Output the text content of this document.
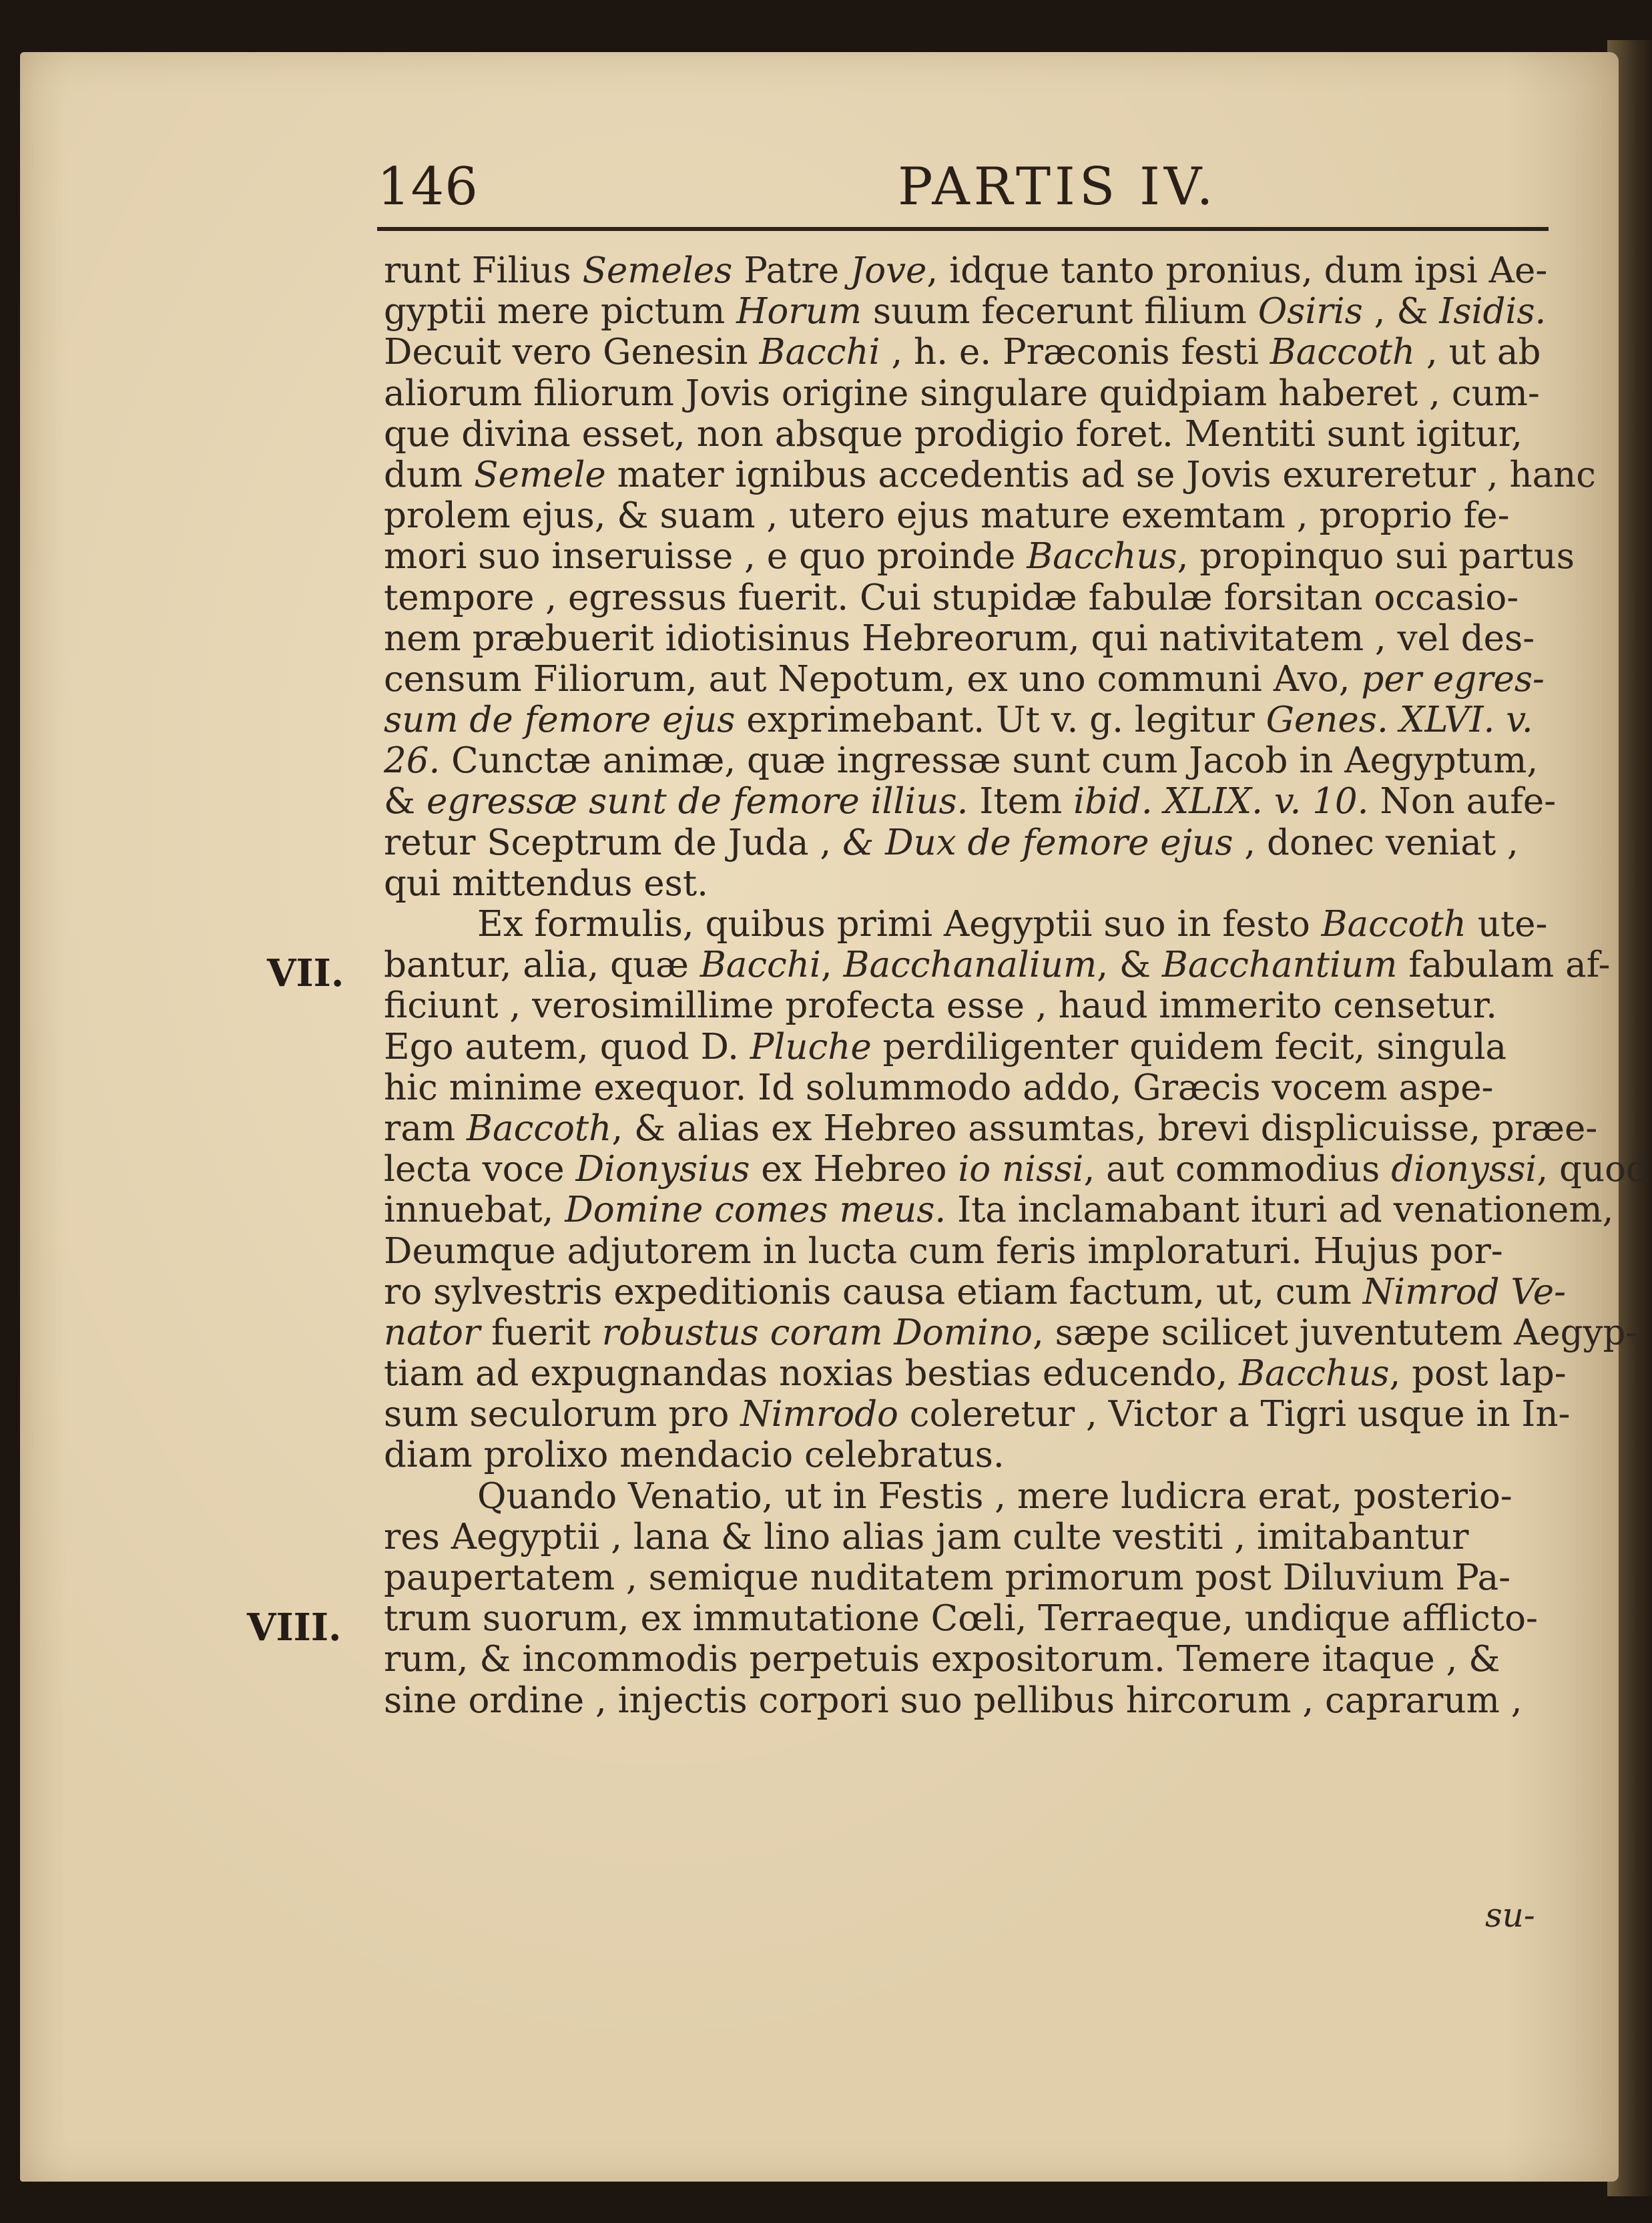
146	PARTIS IV.
VII.
VIII.
runt Filius Semeles Patre Jove, idque tanto pronius, dum ipsi Ae-
gyptii mere pictum Horum suum fecerunt filium Osiris , & Isidis.
Decuit vero Genesin Bacchi , h. e. Præconis festi Baccoth , ut ab
aliorum filiorum Jovis origine singulare quidpiam haberet , cum-
que divina esset, non absque prodigio foret. Mentiti sunt igitur,
dum Semele mater ignibus accedentis ad se Jovis exureretur , hanc
prolem ejus, & suam , utero ejus mature exemtam , proprio fe-
mori suo inseruisse , e quo proinde Bacchus, propinquo sui partus
tempore , egressus fuerit. Cui stupidæ fabulæ forsitan occasio-
nem præbuerit idiotisinus Hebreorum, qui nativitatem , vel des-
censum Filiorum, aut Nepotum, ex uno communi Avo, per egres-
sum de femore ejus exprimebant. Ut v. g. legitur Genes. XLVI. v.
26. Cunctæ animæ, quæ ingressæ sunt cum Jacob in Aegyptum,
& egressæ sunt de femore illius. Item ibid. XLIX. v. 10. Non aufe-
retur Sceptrum de Juda , & Dux de femore ejus , donec veniat ,
qui mittendus est.
Ex formulis, quibus primi Aegyptii suo in festo Baccoth ute-
bantur, alia, quæ Bacchi, Bacchanalium, & Bacchantium fabulam af-
ficiunt , verosimillime profecta esse , haud immerito censetur.
Ego autem, quod D. Pluche perdiligenter quidem fecit, singula
hic minime exequor. Id solummodo addo, Græcis vocem aspe-
ram Baccoth, & alias ex Hebreo assumtas, brevi displicuisse, præe-
lecta voce Dionysius ex Hebreo io nissi, aut commodius dionyssi, quod
innuebat, Domine comes meus. Ita inclamabant ituri ad venationem,
Deumque adjutorem in lucta cum feris imploraturi. Hujus por-
ro sylvestris expeditionis causa etiam factum, ut, cum Nimrod Ve-
nator fuerit robustus coram Domino, sæpe scilicet juventutem Aegyp-
tiam ad expugnandas noxias bestias educendo, Bacchus, post lap-
sum seculorum pro Nimrodo coleretur , Victor a Tigri usque in In-
diam prolixo mendacio celebratus.
Quando Venatio, ut in Festis , mere ludicra erat, posterio-
res Aegyptii , lana & lino alias jam culte vestiti , imitabantur
paupertatem , semique nuditatem primorum post Diluvium Pa-
trum suorum, ex immutatione Cœli, Terraeque, undique afflicto-
rum, & incommodis perpetuis expositorum. Temere itaque , &
sine ordine , injectis corpori suo pellibus hircorum , caprarum ,
su-
